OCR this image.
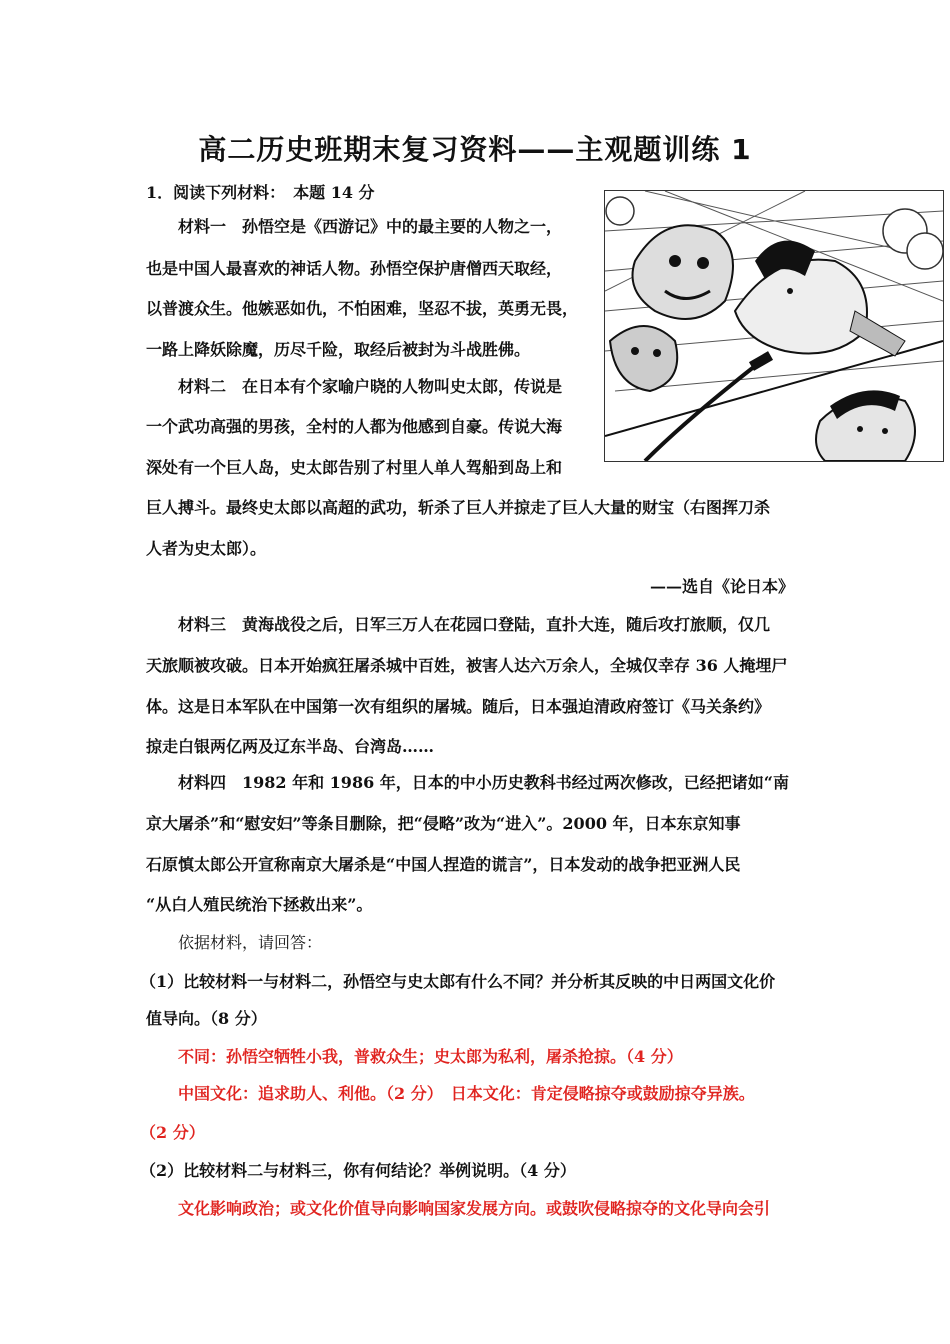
高二历史班期末复习资料——主观题训练 1
1．阅读下列材料：　本题 14 分
材料一　孙悟空是《西游记》中的最主要的人物之一，
也是中国人最喜欢的神话人物。孙悟空保护唐僧西天取经，
以普渡众生。他嫉恶如仇，不怕困难，坚忍不拔，英勇无畏，
一路上降妖除魔，历尽千险，取经后被封为斗战胜佛。
材料二　在日本有个家喻户晓的人物叫史太郎，传说是
一个武功高强的男孩，全村的人都为他感到自豪。传说大海
深处有一个巨人岛，史太郎告别了村里人单人驾船到岛上和
巨人搏斗。最终史太郎以高超的武功，斩杀了巨人并掠走了巨人大量的财宝（右图挥刀杀
人者为史太郎）。
——选自《论日本》
材料三　黄海战役之后，日军三万人在花园口登陆，直扑大连，随后攻打旅顺，仅几
天旅顺被攻破。日本开始疯狂屠杀城中百姓，被害人达六万余人，全城仅幸存 36 人掩埋尸
体。这是日本军队在中国第一次有组织的屠城。随后，日本强迫清政府签订《马关条约》
掠走白银两亿两及辽东半岛、台湾岛……
材料四　1982 年和 1986 年，日本的中小历史教科书经过两次修改，已经把诸如“南
京大屠杀”和“慰安妇”等条目删除，把“侵略”改为“进入”。2000 年，日本东京知事
石原慎太郎公开宣称南京大屠杀是“中国人捏造的谎言”，日本发动的战争把亚洲人民
“从白人殖民统治下拯救出来”。
依据材料，请回答：
（1）比较材料一与材料二，孙悟空与史太郎有什么不同？并分析其反映的中日两国文化价
值导向。（8 分）
不同：孙悟空牺牲小我，普救众生；史太郎为私利，屠杀抢掠。（4 分）
中国文化：追求助人、利他。（2 分）　日本文化：肯定侵略掠夺或鼓励掠夺异族。
（2 分）
（2）比较材料二与材料三，你有何结论？举例说明。（4 分）
文化影响政治；或文化价值导向影响国家发展方向。或鼓吹侵略掠夺的文化导向会引
